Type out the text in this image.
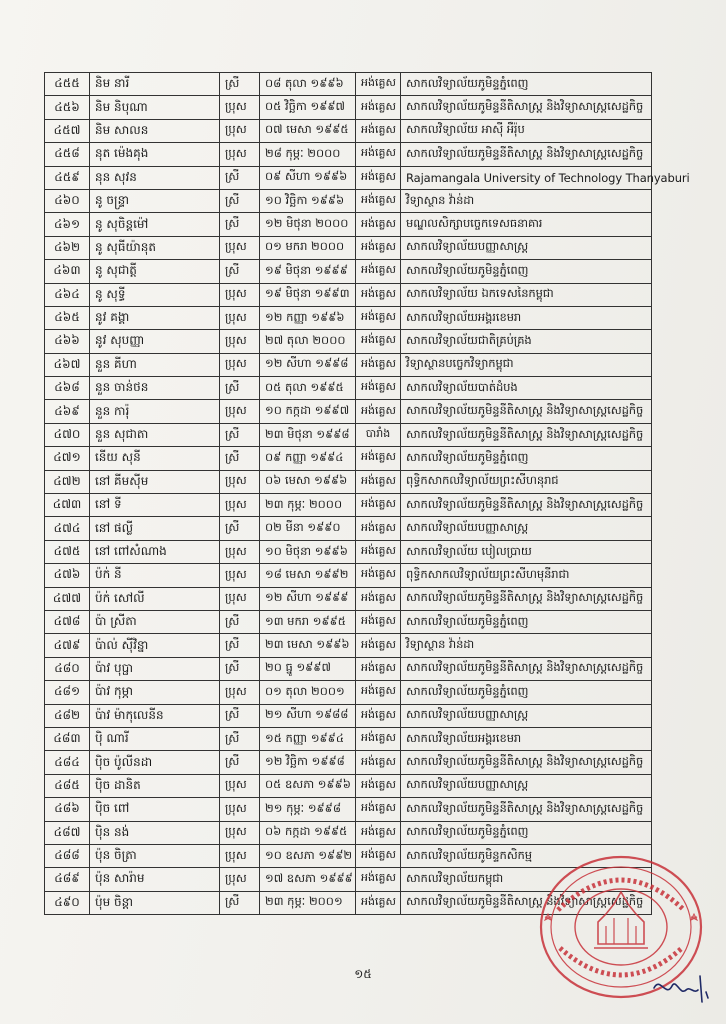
៤៥៥	និម នារី	ស្រី	០៨ តុលា ១៩៩៦	អង់គ្លេស	សាកលវិទ្យាល័យភូមិន្ទភ្នំពេញ
៤៥៦	និម និបុណា	ប្រុស	០៥ វិច្ឆិកា ១៩៩៧	អង់គ្លេស	សាកលវិទ្យាល័យភូមិន្ទនីតិសាស្ត្រ និងវិទ្យាសាស្ត្រសេដ្ឋកិច្ច
៤៥៧	និម សាលន	ប្រុស	០៧ មេសា ១៩៩៥	អង់គ្លេស	សាកលវិទ្យាល័យ អាស៊ី អឺរ៉ុប
៤៥៨	នុត ម៉េងគុង	ប្រុស	២៨ កុម្ភៈ ២០០០	អង់គ្លេស	សាកលវិទ្យាល័យភូមិន្ទនីតិសាស្ត្រ និងវិទ្យាសាស្ត្រសេដ្ឋកិច្ច
៤៥៩	នុន សុវន	ស្រី	០៩ សីហា ១៩៩៦	អង់គ្លេស	Rajamangala University of Technology Thanyaburi
៤៦០	នូ ចន្ទ្រា	ស្រី	១០ វិច្ឆិកា ១៩៩៦	អង់គ្លេស	វិទ្យាស្ថាន វ៉ាន់ដា
៤៦១	នូ សុចិន្តម៉ៅ	ស្រី	១២ មិថុនា ២០០០	អង់គ្លេស	មណ្ឌលសិក្សាបច្ចេកទេសធនាគារ
៤៦២	នូ សុធីយ៉ានុត	ប្រុស	០១ មករា ២០០០	អង់គ្លេស	សាកលវិទ្យាល័យបញ្ញាសាស្ត្រ
៤៦៣	នូ សុជាត្តី	ស្រី	១៩ មិថុនា ១៩៩៩	អង់គ្លេស	សាកលវិទ្យាល័យភូមិន្ទភ្នំពេញ
៤៦៤	នូ សុទ្ធី	ប្រុស	១៩ មិថុនា ១៩៩៣	អង់គ្លេស	សាកលវិទ្យាល័យ ឯកទេសនៃកម្ពុជា
៤៦៥	នូវ គង្គា	ប្រុស	១២ កញ្ញា ១៩៩៦	អង់គ្លេស	សាកលវិទ្យាល័យអង្គរខេមរា
៤៦៦	នូវ សុបញ្ញា	ប្រុស	២៧ តុលា ២០០០	អង់គ្លេស	សាកលវិទ្យាល័យជាតិគ្រប់គ្រង
៤៦៧	នួន គីហា	ប្រុស	១២ សីហា ១៩៩៨	អង់គ្លេស	វិទ្យាស្ថានបច្ចេកវិទ្យាកម្ពុជា
៤៦៨	នួន ចាន់ថន	ស្រី	០៥ តុលា ១៩៩៥	អង់គ្លេស	សាកលវិទ្យាល័យបាត់ដំបង
៤៦៩	នួន ការ៉ុ	ប្រុស	១០ កក្កដា ១៩៩៧	អង់គ្លេស	សាកលវិទ្យាល័យភូមិន្ទនីតិសាស្ត្រ និងវិទ្យាសាស្ត្រសេដ្ឋកិច្ច
៤៧០	នួន សុជាតា	ស្រី	២៣ មិថុនា ១៩៩៨	បារាំង	សាកលវិទ្យាល័យភូមិន្ទនីតិសាស្ត្រ និងវិទ្យាសាស្ត្រសេដ្ឋកិច្ច
៤៧១	នើយ សុនី	ស្រី	០៩ កញ្ញា ១៩៩៤	អង់គ្លេស	សាកលវិទ្យាល័យភូមិន្ទភ្នំពេញ
៤៧២	នៅ គីមស៊ីម	ប្រុស	០៦ មេសា ១៩៩៦	អង់គ្លេស	ពុទ្ធិកសាកលវិទ្យាល័យព្រះសីហនុរាជ
៤៧៣	នៅ ទី	ប្រុស	២៣ កុម្ភៈ ២០០០	អង់គ្លេស	សាកលវិទ្យាល័យភូមិន្ទនីតិសាស្ត្រ និងវិទ្យាសាស្ត្រសេដ្ឋកិច្ច
៤៧៤	នៅ ផល្លី	ស្រី	០២ មីនា ១៩៩០	អង់គ្លេស	សាកលវិទ្យាល័យបញ្ញាសាស្ត្រ
៤៧៥	នៅ ពៅសំណាង	ប្រុស	១០ មិថុនា ១៩៩៦	អង់គ្លេស	សាកលវិទ្យាល័យ បៀលប្រាយ
៤៧៦	ប៉ក់ នី	ប្រុស	១៨ មេសា ១៩៩២	អង់គ្លេស	ពុទ្ធិកសាកលវិទ្យាល័យព្រះសីហមុនីរាជា
៤៧៧	ប៉ក់ សៅលី	ប្រុស	១២ សីហា ១៩៩៩	អង់គ្លេស	សាកលវិទ្យាល័យភូមិន្ទនីតិសាស្ត្រ និងវិទ្យាសាស្ត្រសេដ្ឋកិច្ច
៤៧៨	ប៉ា ស្រីតា	ស្រី	១៣ មករា ១៩៩៥	អង់គ្លេស	សាកលវិទ្យាល័យភូមិន្ទភ្នំពេញ
៤៧៩	ប៉ាល់ ស៊ីវិន្នា	ស្រី	២៣ មេសា ១៩៩៦	អង់គ្លេស	វិទ្យាស្ថាន វ៉ាន់ដា
៤៨០	ប៉ាវ បុប្ផា	ស្រី	២០ ធ្នូ ១៩៩៧	អង់គ្លេស	សាកលវិទ្យាល័យភូមិន្ទនីតិសាស្ត្រ និងវិទ្យាសាស្ត្រសេដ្ឋកិច្ច
៤៨១	ប៉ាវ កុម្ភា	ប្រុស	០១ តុលា ២០០១	អង់គ្លេស	សាកលវិទ្យាល័យភូមិន្ទភ្នំពេញ
៤៨២	ប៉ាវ ម៉ាកុលេនីន	ស្រី	២១ សីហា ១៩៨៨	អង់គ្លេស	សាកលវិទ្យាល័យបញ្ញាសាស្ត្រ
៤៨៣	ប៉ិ ណារី	ស្រី	១៥ កញ្ញា ១៩៩៤	អង់គ្លេស	សាកលវិទ្យាល័យអង្គរខេមរា
៤៨៤	ប៉ិច ប៉ូលីនដា	ស្រី	១២ វិច្ឆិកា ១៩៩៨	អង់គ្លេស	សាកលវិទ្យាល័យភូមិន្ទនីតិសាស្ត្រ និងវិទ្យាសាស្ត្រសេដ្ឋកិច្ច
៤៨៥	ប៉ិច ដានិត	ប្រុស	០៥ ឧសភា ១៩៩៦	អង់គ្លេស	សាកលវិទ្យាល័យបញ្ញាសាស្ត្រ
៤៨៦	ប៉ិច ពៅ	ប្រុស	២១ កុម្ភៈ ១៩៩៨	អង់គ្លេស	សាកលវិទ្យាល័យភូមិន្ទនីតិសាស្ត្រ និងវិទ្យាសាស្ត្រសេដ្ឋកិច្ច
៤៨៧	ប៉ិន នង់	ប្រុស	០៦ កក្កដា ១៩៩៥	អង់គ្លេស	សាកលវិទ្យាល័យភូមិន្ទភ្នំពេញ
៤៨៨	ប៉ុន ចិត្រា	ប្រុស	១០ ឧសភា ១៩៩២	អង់គ្លេស	សាកលវិទ្យាល័យភូមិន្ទកសិកម្ម
៤៨៩	ប៉ុន សារ៉ាម	ប្រុស	១៧ ឧសភា ១៩៩៩	អង់គ្លេស	សាកលវិទ្យាល័យកម្ពុជា
៤៩០	ប៉ុម ចិន្តា	ស្រី	២៣ កុម្ភៈ ២០០១	អង់គ្លេស	សាកលវិទ្យាល័យភូមិន្ទនីតិសាស្ត្រ និងវិទ្យាសាស្ត្រសេដ្ឋកិច្ច
១៥
